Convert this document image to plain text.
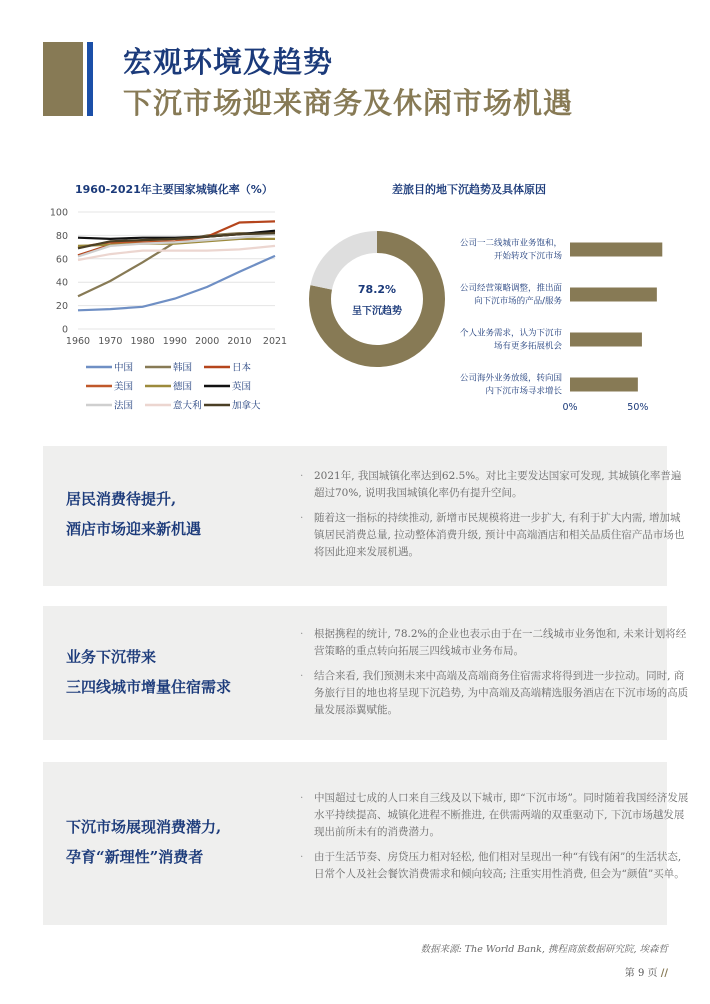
宏观环境及趋势
下沉市场迎来商务及休闲市场机遇
1960-2021年主要国家城镇化率（%）
100
80
60
40
20
0
1960 1970 1980 1990 2000 2010 2021
中国	韩国	日本
美国	德国	英国
法国	意大利	加拿大
差旅目的地下沉趋势及具体原因
78.2%
呈下沉趋势
公司一二线城市业务饱和，
开始转攻下沉市场
公司经营策略调整，推出面
向下沉市场的产品/服务
个人业务需求，认为下沉市
场有更多拓展机会
公司海外业务放缓，转向国
内下沉市场寻求增长
0%	50%
居民消费待提升,
酒店市场迎来新机遇

· 2021年, 我国城镇化率达到62.5%。对比主要发达国家可发现, 其城镇化率普遍超过70%, 说明我国城镇化率仍有提升空间。

· 随着这一指标的持续推动, 新增市民规模将进一步扩大, 有利于扩大内需, 增加城镇居民消费总量, 拉动整体消费升级, 预计中高端酒店和相关品质住宿产品市场也将因此迎来发展机遇。

业务下沉带来
三四线城市增量住宿需求

· 根据携程的统计, 78.2%的企业也表示由于在一二线城市业务饱和, 未来计划将经营策略的重点转向拓展三四线城市业务布局。

· 结合来看, 我们预测未来中高端及高端商务住宿需求将得到进一步拉动。同时, 商务旅行目的地也将呈现下沉趋势, 为中高端及高端精选服务酒店在下沉市场的高质量发展添翼赋能。

下沉市场展现消费潜力,
孕育“新理性”消费者

· 中国超过七成的人口来自三线及以下城市, 即“下沉市场”。同时随着我国经济发展水平持续提高、城镇化进程不断推进, 在供需两端的双重驱动下, 下沉市场越发展现出前所未有的消费潜力。

· 由于生活节奏、房贷压力相对轻松, 他们相对呈现出一种“有钱有闲”的生活状态, 日常个人及社会餐饮消费需求和倾向较高; 注重实用性消费, 但会为“颜值”买单。

数据来源: The World Bank, 携程商旅数据研究院, 埃森哲
第 9 页 //
